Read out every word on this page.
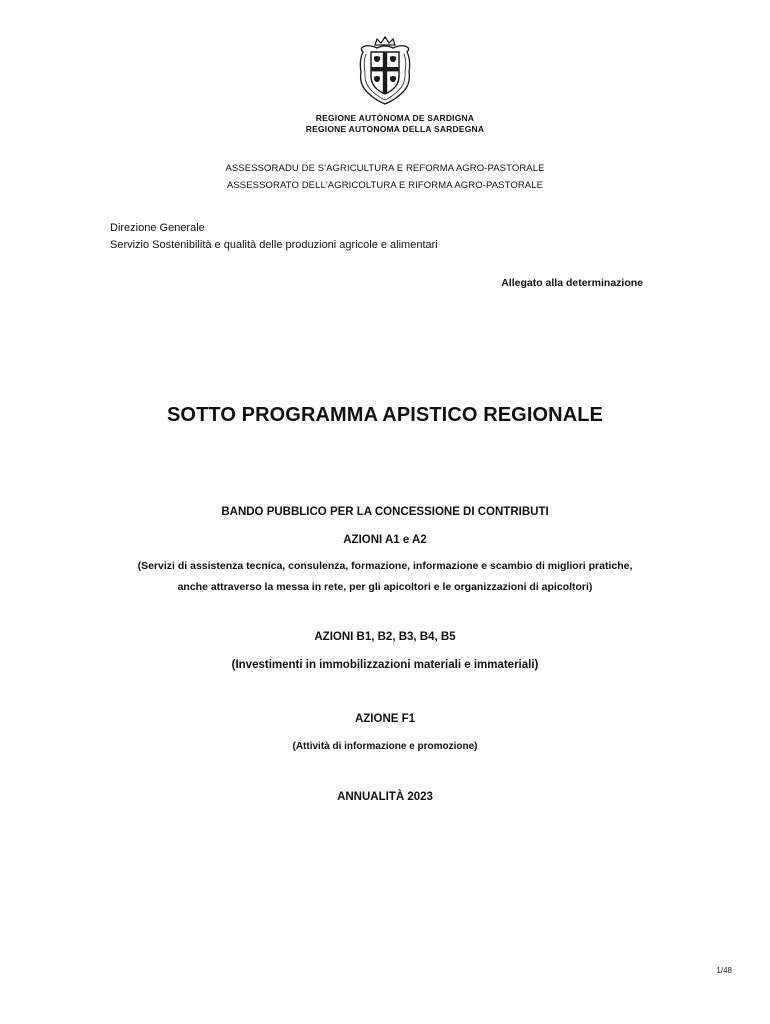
REGIONE AUTÒNOMA DE SARDIGNA
REGIONE AUTONOMA DELLA SARDEGNA
ASSESSORADU DE S'AGRICULTURA E REFORMA AGRO-PASTORALE
ASSESSORATO DELL'AGRICOLTURA E RIFORMA AGRO-PASTORALE
Direzione Generale
Servizio Sostenibilità e qualità delle produzioni agricole e alimentari
Allegato alla determinazione
SOTTO PROGRAMMA APISTICO REGIONALE
BANDO PUBBLICO PER LA CONCESSIONE DI CONTRIBUTI
AZIONI A1 e A2
(Servizi di assistenza tecnica, consulenza, formazione, informazione e scambio di migliori pratiche,
anche attraverso la messa in rete, per gli apicoltori e le organizzazioni di apicoltori)
AZIONI B1, B2, B3, B4, B5
(Investimenti in immobilizzazioni materiali e immateriali)
AZIONE F1
(Attività di informazione e promozione)
ANNUALITÀ 2023
1/48
